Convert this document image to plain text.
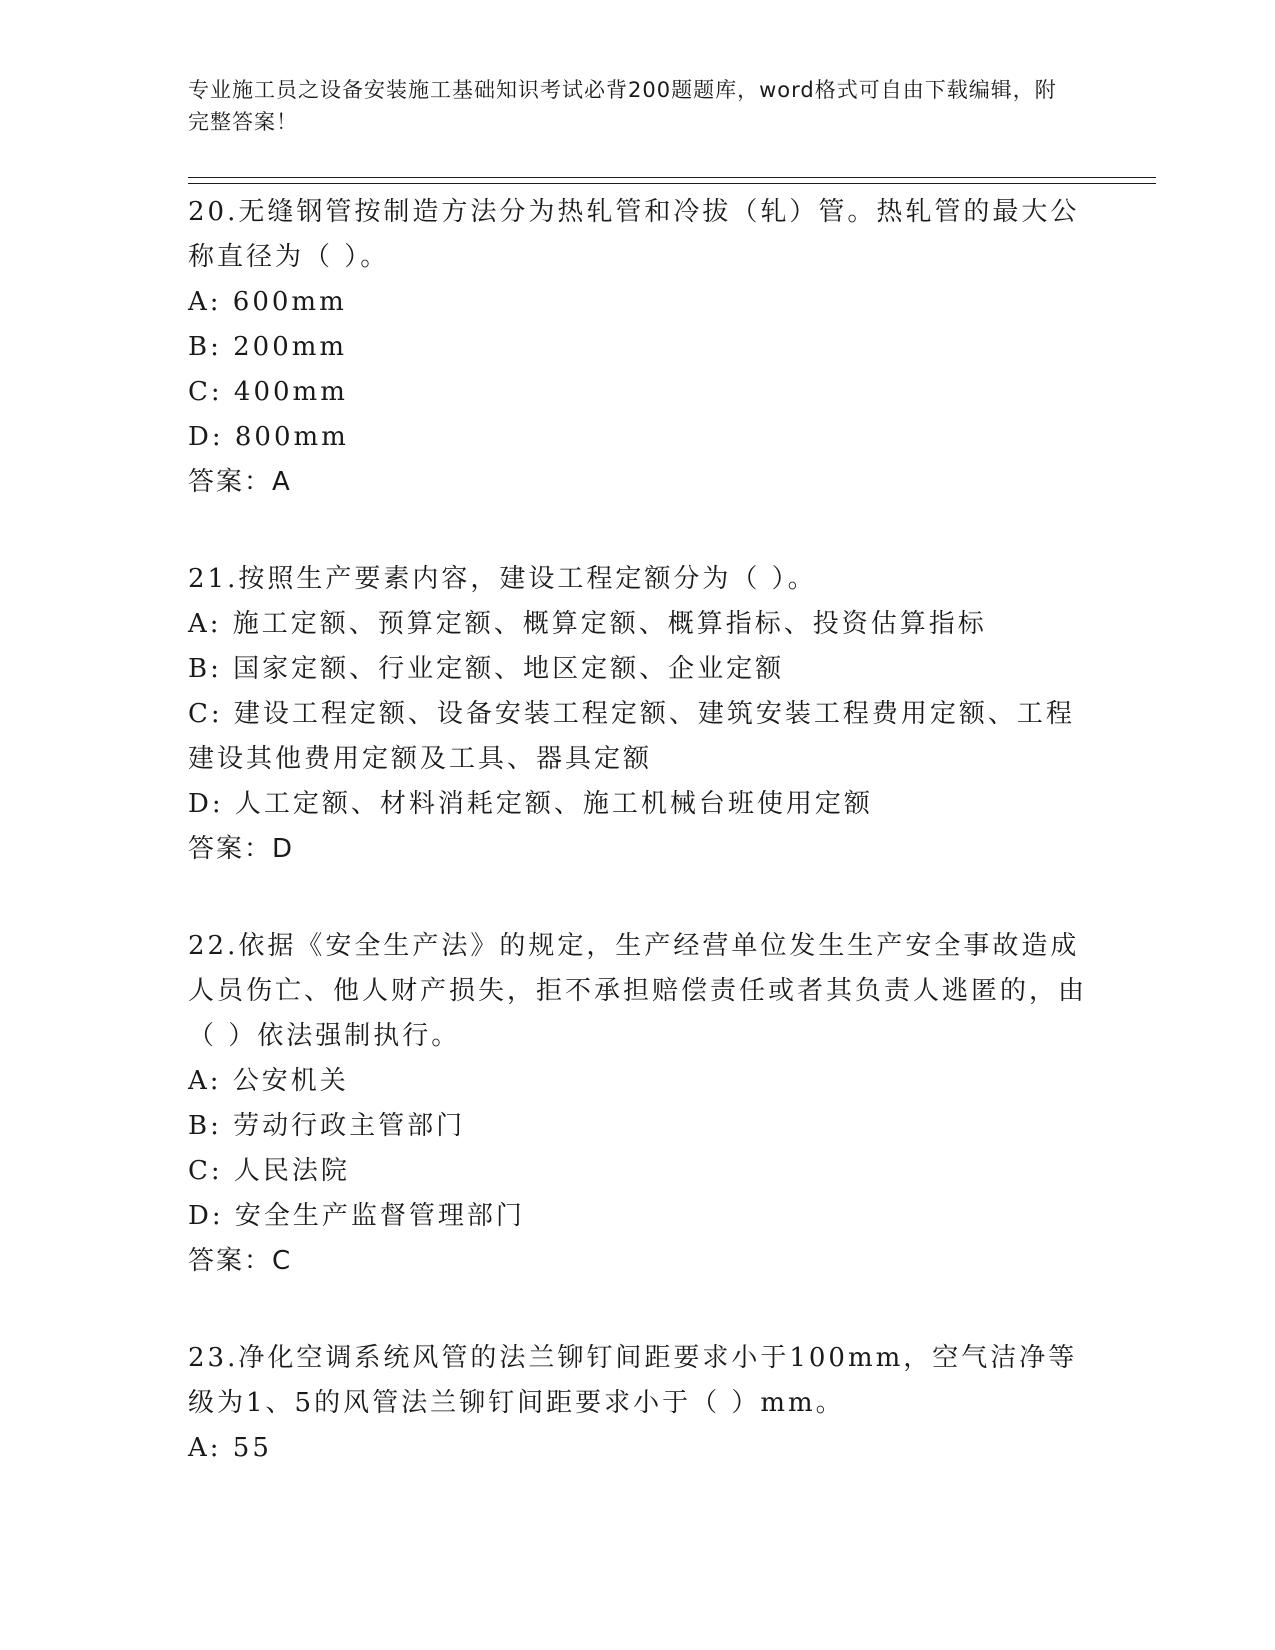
专业施工员之设备安装施工基础知识考试必背200题题库，word格式可自由下载编辑，附完整答案！

20.无缝钢管按制造方法分为热轧管和冷拔（轧）管。热轧管的最大公称直径为（ ）。

A: 600mm

B: 200mm

C: 400mm

D: 800mm

答案：A

21.按照生产要素内容，建设工程定额分为（ ）。

A: 施工定额、预算定额、概算定额、概算指标、投资估算指标

B: 国家定额、行业定额、地区定额、企业定额

C: 建设工程定额、设备安装工程定额、建筑安装工程费用定额、工程建设其他费用定额及工具、器具定额

D: 人工定额、材料消耗定额、施工机械台班使用定额

答案：D

22.依据《安全生产法》的规定，生产经营单位发生生产安全事故造成人员伤亡、他人财产损失，拒不承担赔偿责任或者其负责人逃匿的，由（ ）依法强制执行。

A: 公安机关

B: 劳动行政主管部门

C: 人民法院

D: 安全生产监督管理部门

答案：C

23.净化空调系统风管的法兰铆钉间距要求小于100mm，空气洁净等级为1、5的风管法兰铆钉间距要求小于（ ）mm。

A: 55
